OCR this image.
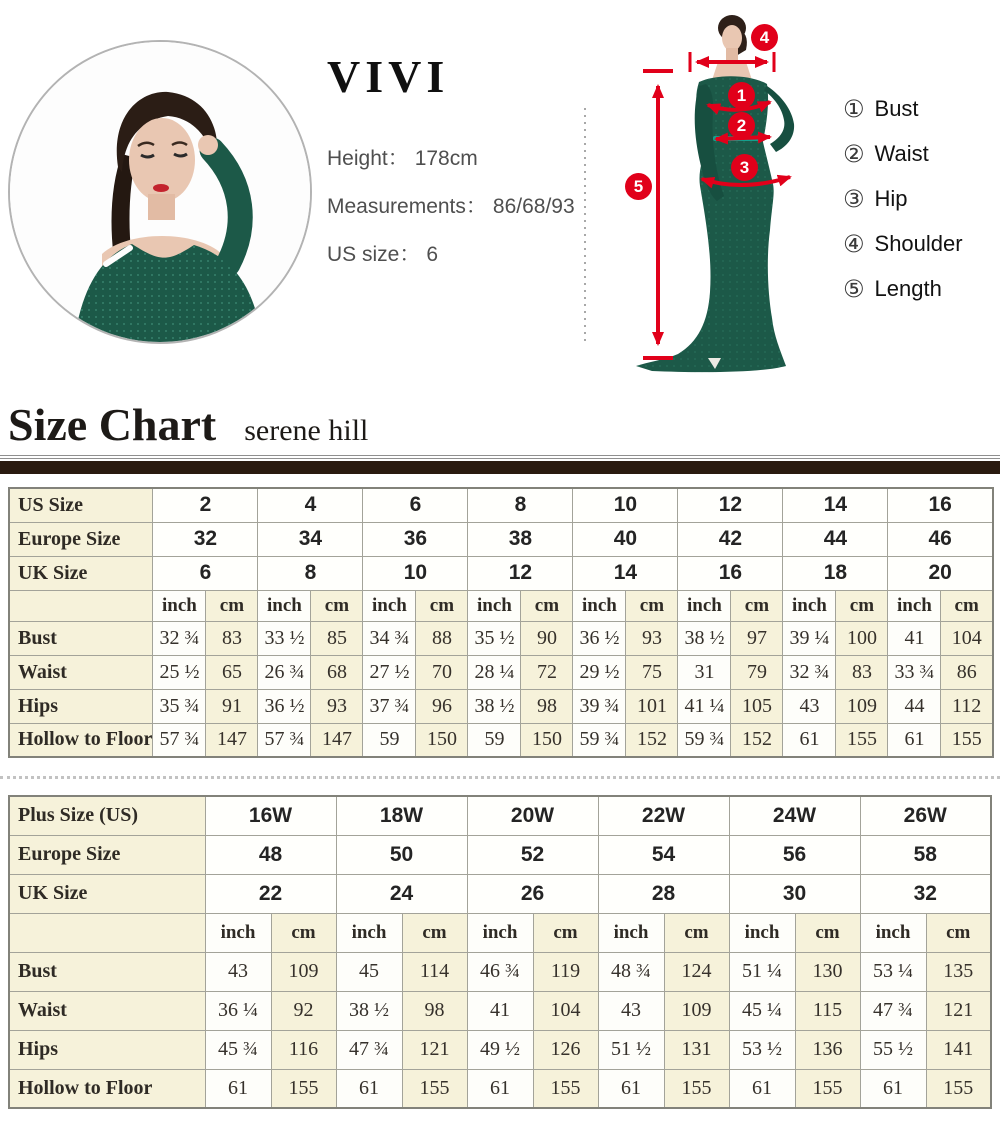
VIVI
Height： 178cm
Measurements： 86/68/93
US size： 6
1
2
3
4
5
① Bust
② Waist
③ Hip
④ Shoulder
⑤ Length
Size Chart serene hill
US Size	2		4		6		8		10		12		14		16	
Europe Size	32		34		36		38		40		42		44		46	
UK Size	6		8		10		12		14		16		18		20	
	inch	cm	inch	cm	inch	cm	inch	cm	inch	cm	inch	cm	inch	cm	inch	cm
Bust	32 ¾	83	33 ½	85	34 ¾	88	35 ½	90	36 ½	93	38 ½	97	39 ¼	100	41	104
Waist	25 ½	65	26 ¾	68	27 ½	70	28 ¼	72	29 ½	75	31	79	32 ¾	83	33 ¾	86
Hips	35 ¾	91	36 ½	93	37 ¾	96	38 ½	98	39 ¾	101	41 ¼	105	43	109	44	112
Hollow to Floor	57 ¾	147	57 ¾	147	59	150	59	150	59 ¾	152	59 ¾	152	61	155	61	155
Plus Size (US)	16W		18W		20W		22W		24W		26W	
Europe Size	48		50		52		54		56		58	
UK Size	22		24		26		28		30		32	
	inch	cm	inch	cm	inch	cm	inch	cm	inch	cm	inch	cm
Bust	43	109	45	114	46 ¾	119	48 ¾	124	51 ¼	130	53 ¼	135
Waist	36 ¼	92	38 ½	98	41	104	43	109	45 ¼	115	47 ¾	121
Hips	45 ¾	116	47 ¾	121	49 ½	126	51 ½	131	53 ½	136	55 ½	141
Hollow to Floor	61	155	61	155	61	155	61	155	61	155	61	155
